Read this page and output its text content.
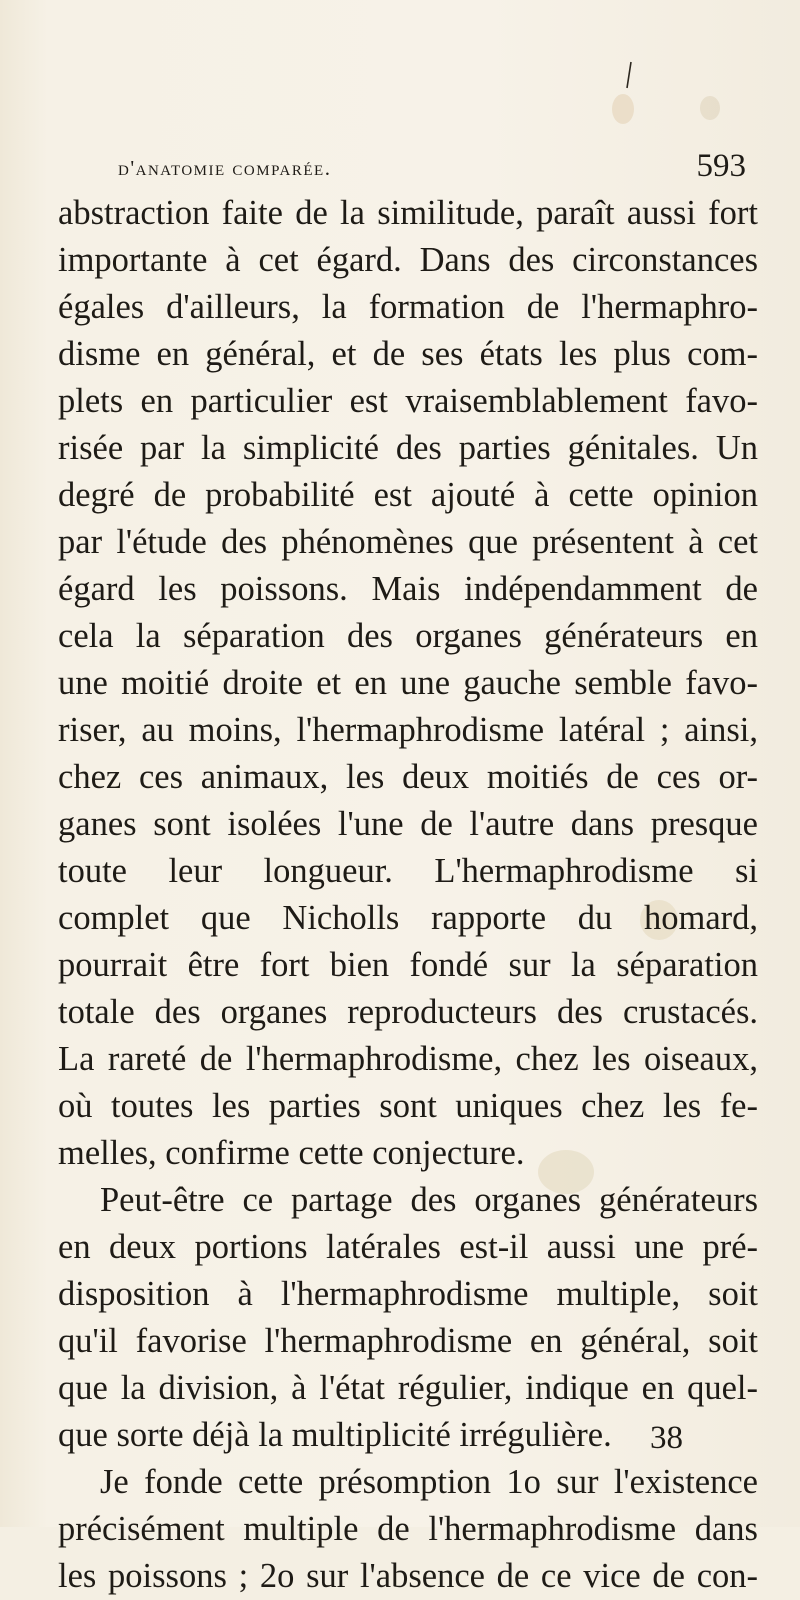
d'anatomie comparée.	593
abstraction faite de la similitude, paraît aussi fort
importante à cet égard. Dans des circonstances
égales d'ailleurs, la formation de l'hermaphro-
disme en général, et de ses états les plus com-
plets en particulier est vraisemblablement favo-
risée par la simplicité des parties génitales. Un
degré de probabilité est ajouté à cette opinion
par l'étude des phénomènes que présentent à cet
égard les poissons. Mais indépendamment de
cela la séparation des organes générateurs en
une moitié droite et en une gauche semble favo-
riser, au moins, l'hermaphrodisme latéral ; ainsi,
chez ces animaux, les deux moitiés de ces or-
ganes sont isolées l'une de l'autre dans presque
toute leur longueur. L'hermaphrodisme si
complet que Nicholls rapporte du homard,
pourrait être fort bien fondé sur la séparation
totale des organes reproducteurs des crustacés.
La rareté de l'hermaphrodisme, chez les oiseaux,
où toutes les parties sont uniques chez les fe-
melles, confirme cette conjecture.
Peut-être ce partage des organes générateurs
en deux portions latérales est-il aussi une pré-
disposition à l'hermaphrodisme multiple, soit
qu'il favorise l'hermaphrodisme en général, soit
que la division, à l'état régulier, indique en quel-
que sorte déjà la multiplicité irrégulière.
Je fonde cette présomption 1o sur l'existence
précisément multiple de l'hermaphrodisme dans
les poissons ; 2o sur l'absence de ce vice de con-
38
